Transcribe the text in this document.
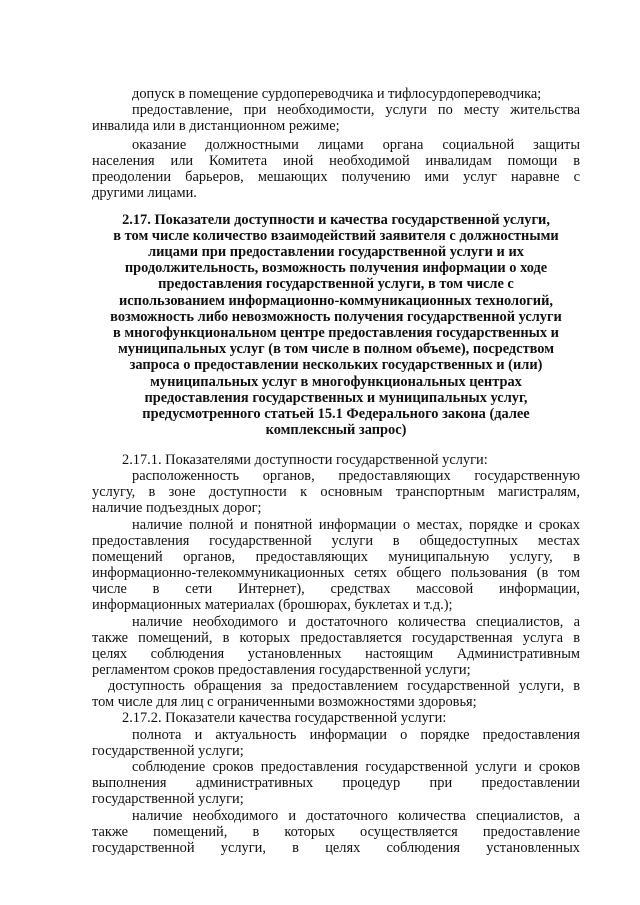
допуск в помещение сурдопереводчика и тифлосурдопереводчика;
предоставление, при необходимости, услуги по месту жительства
инвалида или в дистанционном режиме;
оказание должностными лицами органа социальной защиты
населения или Комитета иной необходимой инвалидам помощи в
преодолении барьеров, мешающих получению ими услуг наравне с
другими лицами.
2.17. Показатели доступности и качества государственной услуги,
в том числе количество взаимодействий заявителя с должностными
лицами при предоставлении государственной услуги и их
продолжительность, возможность получения информации о ходе
предоставления государственной услуги, в том числе с
использованием информационно-коммуникационных технологий,
возможность либо невозможность получения государственной услуги
в многофункциональном центре предоставления государственных и
муниципальных услуг (в том числе в полном объеме), посредством
запроса о предоставлении нескольких государственных и (или)
муниципальных услуг в многофункциональных центрах
предоставления государственных и муниципальных услуг,
предусмотренного статьей 15.1 Федерального закона (далее
комплексный запрос)
2.17.1. Показателями доступности государственной услуги:
расположенность органов, предоставляющих государственную
услугу, в зоне доступности к основным транспортным магистралям,
наличие подъездных дорог;
наличие полной и понятной информации о местах, порядке и сроках
предоставления государственной услуги в общедоступных местах
помещений органов, предоставляющих муниципальную услугу, в
информационно-телекоммуникационных сетях общего пользования (в том
числе в сети Интернет), средствах массовой информации,
информационных материалах (брошюрах, буклетах и т.д.);
наличие необходимого и достаточного количества специалистов, а
также помещений, в которых предоставляется государственная услуга в
целях соблюдения установленных настоящим Административным
регламентом сроков предоставления государственной услуги;
доступность обращения за предоставлением государственной услуги, в
том числе для лиц с ограниченными возможностями здоровья;
2.17.2. Показатели качества государственной услуги:
полнота и актуальность информации о порядке предоставления
государственной услуги;
соблюдение сроков предоставления государственной услуги и сроков
выполнения административных процедур при предоставлении
государственной услуги;
наличие необходимого и достаточного количества специалистов, а
также помещений, в которых осуществляется предоставление
государственной услуги, в целях соблюдения установленных
